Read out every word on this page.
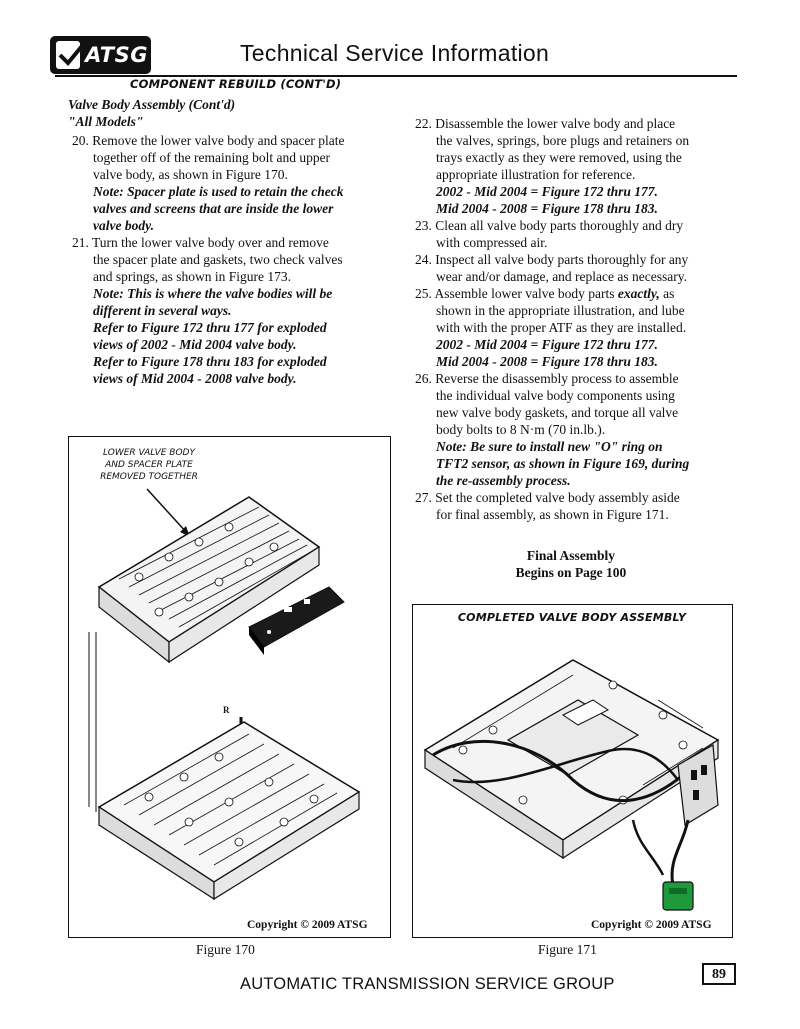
ATSG	Technical Service Information
COMPONENT REBUILD (CONT'D)
Valve Body Assembly (Cont'd)
"All Models"

20. Remove the lower valve body and spacer plate
together off of the remaining bolt and upper
valve body, as shown in Figure 170.

Note: Spacer plate is used to retain the check
valves and screens that are inside the lower
valve body.

21. Turn the lower valve body over and remove
the spacer plate and gaskets, two check valves
and springs, as shown in Figure 173.

Note: This is where the valve bodies will be
different in several ways.
Refer to Figure 172 thru 177 for exploded
views of 2002 - Mid 2004 valve body.
Refer to Figure 178 thru 183 for exploded
views of Mid 2004 - 2008 valve body.

22. Disassemble the lower valve body and place
the valves, springs, bore plugs and retainers on
trays exactly as they were removed, using the
appropriate illustration for reference.

2002 - Mid 2004 = Figure 172 thru 177.
Mid 2004 - 2008 = Figure 178 thru 183.

23. Clean all valve body parts thoroughly and dry
with compressed air.

24. Inspect all valve body parts thoroughly for any
wear and/or damage, and replace as necessary.

25. Assemble lower valve body parts exactly, as
shown in the appropriate illustration, and lube
with with the proper ATF as they are installed.

2002 - Mid 2004 = Figure 172 thru 177.
Mid 2004 - 2008 = Figure 178 thru 183.

26. Reverse the disassembly process to assemble
the individual valve body components using
new valve body gaskets, and torque all valve
body bolts to 8 N·m (70 in.lb.).

Note: Be sure to install new "O" ring on
TFT2 sensor, as shown in Figure 169, during
the re-assembly process.

27. Set the completed valve body assembly aside
for final assembly, as shown in Figure 171.

Final Assembly
Begins on Page 100
LOWER VALVE BODY
AND SPACER PLATE
REMOVED TOGETHER
R
Copyright © 2009 ATSG
Figure 170
COMPLETED VALVE BODY ASSEMBLY
Copyright © 2009 ATSG
Figure 171
AUTOMATIC TRANSMISSION SERVICE GROUP
89
